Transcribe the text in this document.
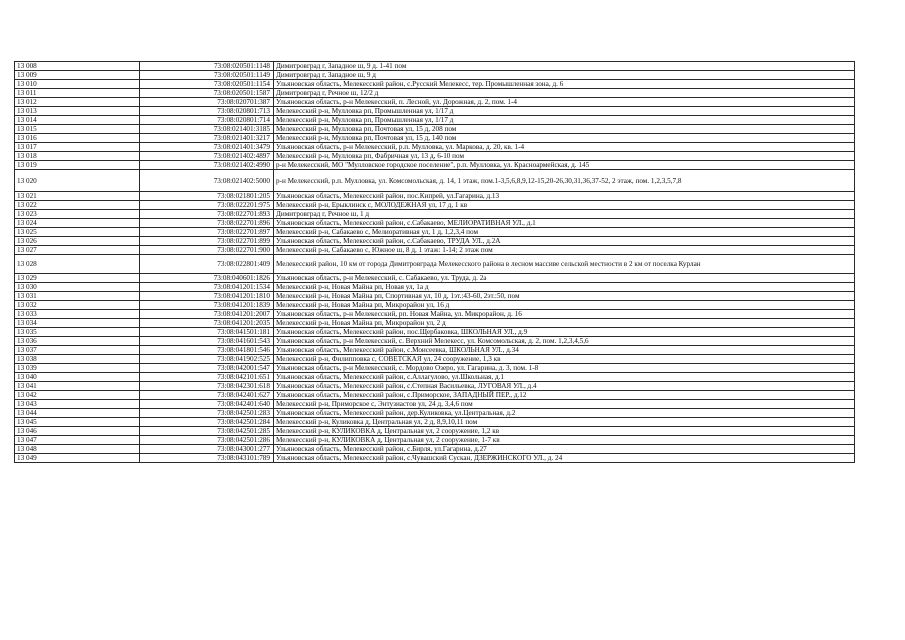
13 008	73:08:020501:1148	Димитровград г, Западное ш, 9 д. 1-41 пом
13 009	73:08:020501:1149	Димитровград г, Западное ш, 9 д
13 010	73:08:020501:1154	Ульяновская область, Мелекесский район, с.Русский Мелекесс, тер. Промышленная зона, д. 6
13 011	73:08:020501:1587	Димитровград г, Речное ш, 12/2 д
13 012	73:08:020701:387	Ульяновская область, р-н Мелекесский, п. Лесной, ул. Дорожная, д. 2, пом. 1-4
13 013	73:08:020801:713	Мелекесский р-н, Мулловка рп, Промышленная ул, 1/17 д
13 014	73:08:020801:714	Мелекесский р-н, Мулловка рп, Промышленная ул, 1/17 д
13 015	73:08:021401:3185	Мелекесский р-н, Мулловка рп, Почтовая ул, 15 д, 208 пом
13 016	73:08:021401:3217	Мелекесский р-н, Мулловка рп, Почтовая ул, 15 д, 140 пом
13 017	73:08:021401:3479	Ульяновская область, р-н Мелекесский, р.п. Мулловка, ул. Маркова, д. 20, кв. 1-4
13 018	73:08:021402:4897	Мелекесский р-н, Мулловка рп, Фабричная ул, 13 д, 6-10 пом
13 019	73:08:021402:4990	р-н Мелекесский, МО "Мулловское городское поселение", р.п. Мулловка, ул. Красноармейская, д. 145
13 020	73:08:021402:5000	р-н Мелекесский, р.п. Мулловка, ул. Комсомольская, д. 14, 1 этаж, пом.1-3,5,6,8,9,12-15,20-26,30,31,36,37-52, 2 этаж, пом. 1,2,3,5,7,8
13 021	73:08:021801:205	Ульяновская область, Мелекесский район, пос.Кипрей, ул.Гагарина, д.13
13 022	73:08:022201:975	Мелекесский р-н, Ерыклинск с, МОЛОДЕЖНАЯ ул, 17 д, 1 кв
13 023	73:08:022701:893	Димитровград г, Речное ш, 1 д
13 024	73:08:022701:896	Ульяновская область, Мелекесский район, с.Сабакаево, МЕЛИОРАТИВНАЯ УЛ., д.1
13 025	73:08:022701:897	Мелекесский р-н, Сабакаево с, Мелиоративная ул, 1 д, 1,2,3,4 пом
13 026	73:08:022701:899	Ульяновская область, Мелекесский район, с.Сабакаево, ТРУДА УЛ., д.2А
13 027	73:08:022701:900	Мелекесский р-н, Сабакаево с, Южное ш, 8 д, 1 этаж: 1-14; 2 этаж пом
13 028	73:08:022801:409	Мелекесский район, 10 км от города Димитровграда Мелекесского района в лесном массиве сельской местности в 2 км от поселка Курлан
13 029	73:08:040601:1826	Ульяновская область, р-н Мелекесский, с. Сабакаево, ул. Труда, д. 2а
13 030	73:08:041201:1534	Мелекесский р-н, Новая Майна рп, Новая ул, 1а д
13 031	73:08:041201:1810	Мелекесский р-н, Новая Майна рп, Спортивная ул, 10 д, 1эт.:43-60, 2эт.:50, пом
13 032	73:08:041201:1839	Мелекесский р-н, Новая Майна рп, Микрорайон ул, 16 д
13 033	73:08:041201:2007	Ульяновская область, р-н Мелекесский, рп. Новая Майна, ул. Микрорайон, д. 16
13 034	73:08:041201:2035	Мелекесский р-н, Новая Майна рп, Микрорайон ул, 2 д
13 035	73:08:041501:181	Ульяновская область, Мелекесский район, пос.Щербаковка, ШКОЛЬНАЯ УЛ., д.9
13 036	73:08:041601:543	Ульяновская область, р-н Мелекесский, с. Верхний Мелекесс, ул. Комсомольская, д. 2, пом. 1,2,3,4,5,6
13 037	73:08:041801:546	Ульяновская область, Мелекесский район, с.Моисеевка, ШКОЛЬНАЯ УЛ., д.34
13 038	73:08:041902:525	Мелекесский р-н, Филипповка с, СОВЕТСКАЯ ул, 24 сооружение, 1,3 кв
13 039	73:08:042001:547	Ульяновская область, р-н Мелекесский, с. Мордово Озеро, ул. Гагарина, д. 3, пом. 1-8
13 040	73:08:042101:651	Ульяновская область, Мелекесский район, с.Аллагулово, ул.Школьная, д.1
13 041	73:08:042301:618	Ульяновская область, Мелекесский район, с.Степная Васильевка, ЛУГОВАЯ УЛ., д.4
13 042	73:08:042401:627	Ульяновская область, Мелекесский район, с.Приморское, ЗАПАДНЫЙ ПЕР., д.12
13 043	73:08:042401:640	Мелекесский р-н, Приморское с, Энтузиастов ул, 24 д, 3,4,6 пом
13 044	73:08:042501:283	Ульяновская область, Мелекесский район, дер.Куликовка, ул.Центральная, д.2
13 045	73:08:042501:284	Мелекесский р-н, Куликовка д, Центральная ул, 2 д, 8,9,10,11 пом
13 046	73:08:042501:285	Мелекесский р-н, КУЛИКОВКА д, Центральная ул, 2 сооружение, 1,2 кв
13 047	73:08:042501:286	Мелекесский р-н, КУЛИКОВКА д, Центральная ул, 2 сооружение, 1-7 кв
13 048	73:08:043001:277	Ульяновская область, Мелекесский район, с.Бирля, ул.Гагарина, д.27
13 049	73:08:043101:789	Ульяновская область, Мелекесский район, с.Чувашский Сускан, ДЗЕРЖИНСКОГО УЛ., д. 24
